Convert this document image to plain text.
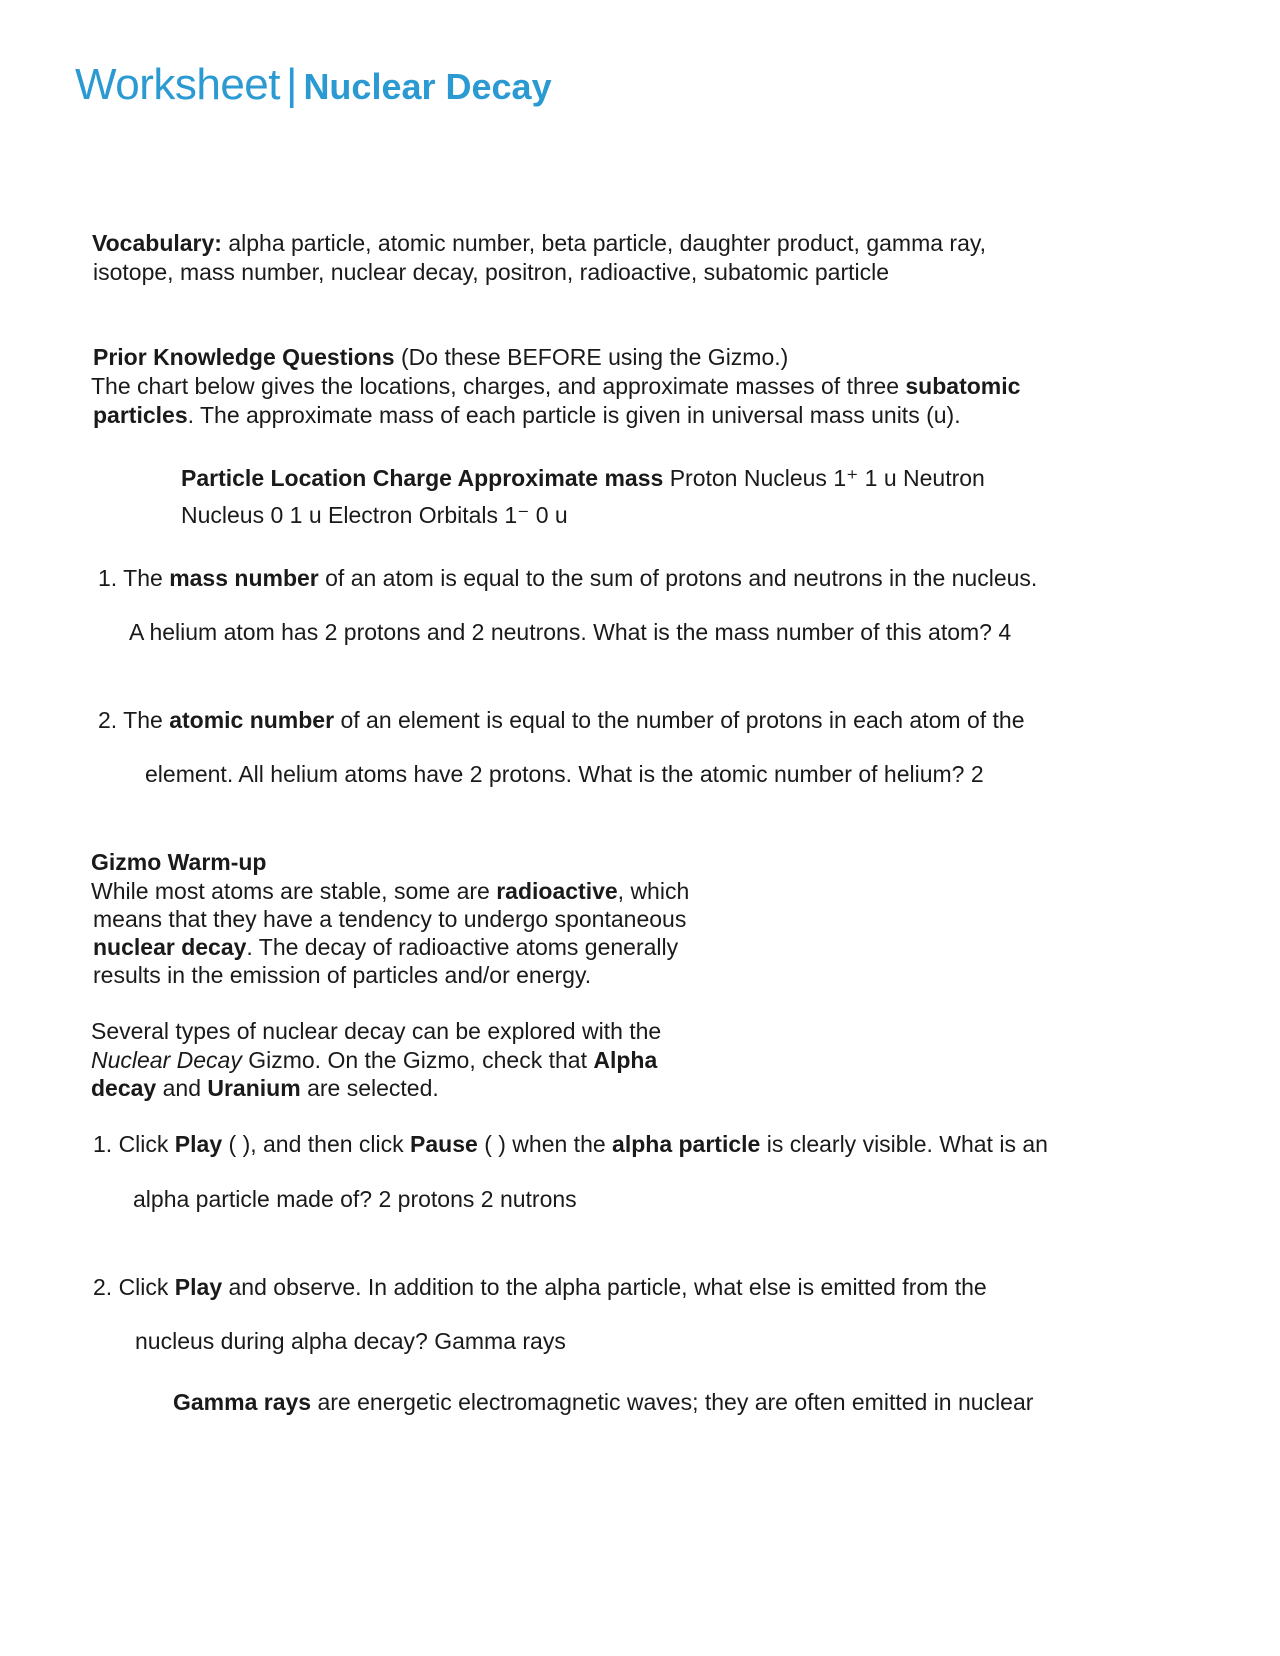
Worksheet | Nuclear Decay
Vocabulary: alpha particle, atomic number, beta particle, daughter product, gamma ray,
isotope, mass number, nuclear decay, positron, radioactive, subatomic particle
Prior Knowledge Questions (Do these BEFORE using the Gizmo.)
The chart below gives the locations, charges, and approximate masses of three subatomic
particles. The approximate mass of each particle is given in universal mass units (u).
Particle Location Charge Approximate mass Proton Nucleus 1⁺ 1 u Neutron
Nucleus 0 1 u Electron Orbitals 1⁻ 0 u
1. The mass number of an atom is equal to the sum of protons and neutrons in the nucleus.
A helium atom has 2 protons and 2 neutrons. What is the mass number of this atom? 4
2. The atomic number of an element is equal to the number of protons in each atom of the
element. All helium atoms have 2 protons. What is the atomic number of helium? 2
Gizmo Warm-up
While most atoms are stable, some are radioactive, which
means that they have a tendency to undergo spontaneous
nuclear decay. The decay of radioactive atoms generally
results in the emission of particles and/or energy.
Several types of nuclear decay can be explored with the
Nuclear Decay Gizmo. On the Gizmo, check that Alpha
decay and Uranium are selected.
1. Click Play ( ), and then click Pause ( ) when the alpha particle is clearly visible. What is an
alpha particle made of? 2 protons 2 nutrons
2. Click Play and observe. In addition to the alpha particle, what else is emitted from the
nucleus during alpha decay? Gamma rays
Gamma rays are energetic electromagnetic waves; they are often emitted in nuclear
